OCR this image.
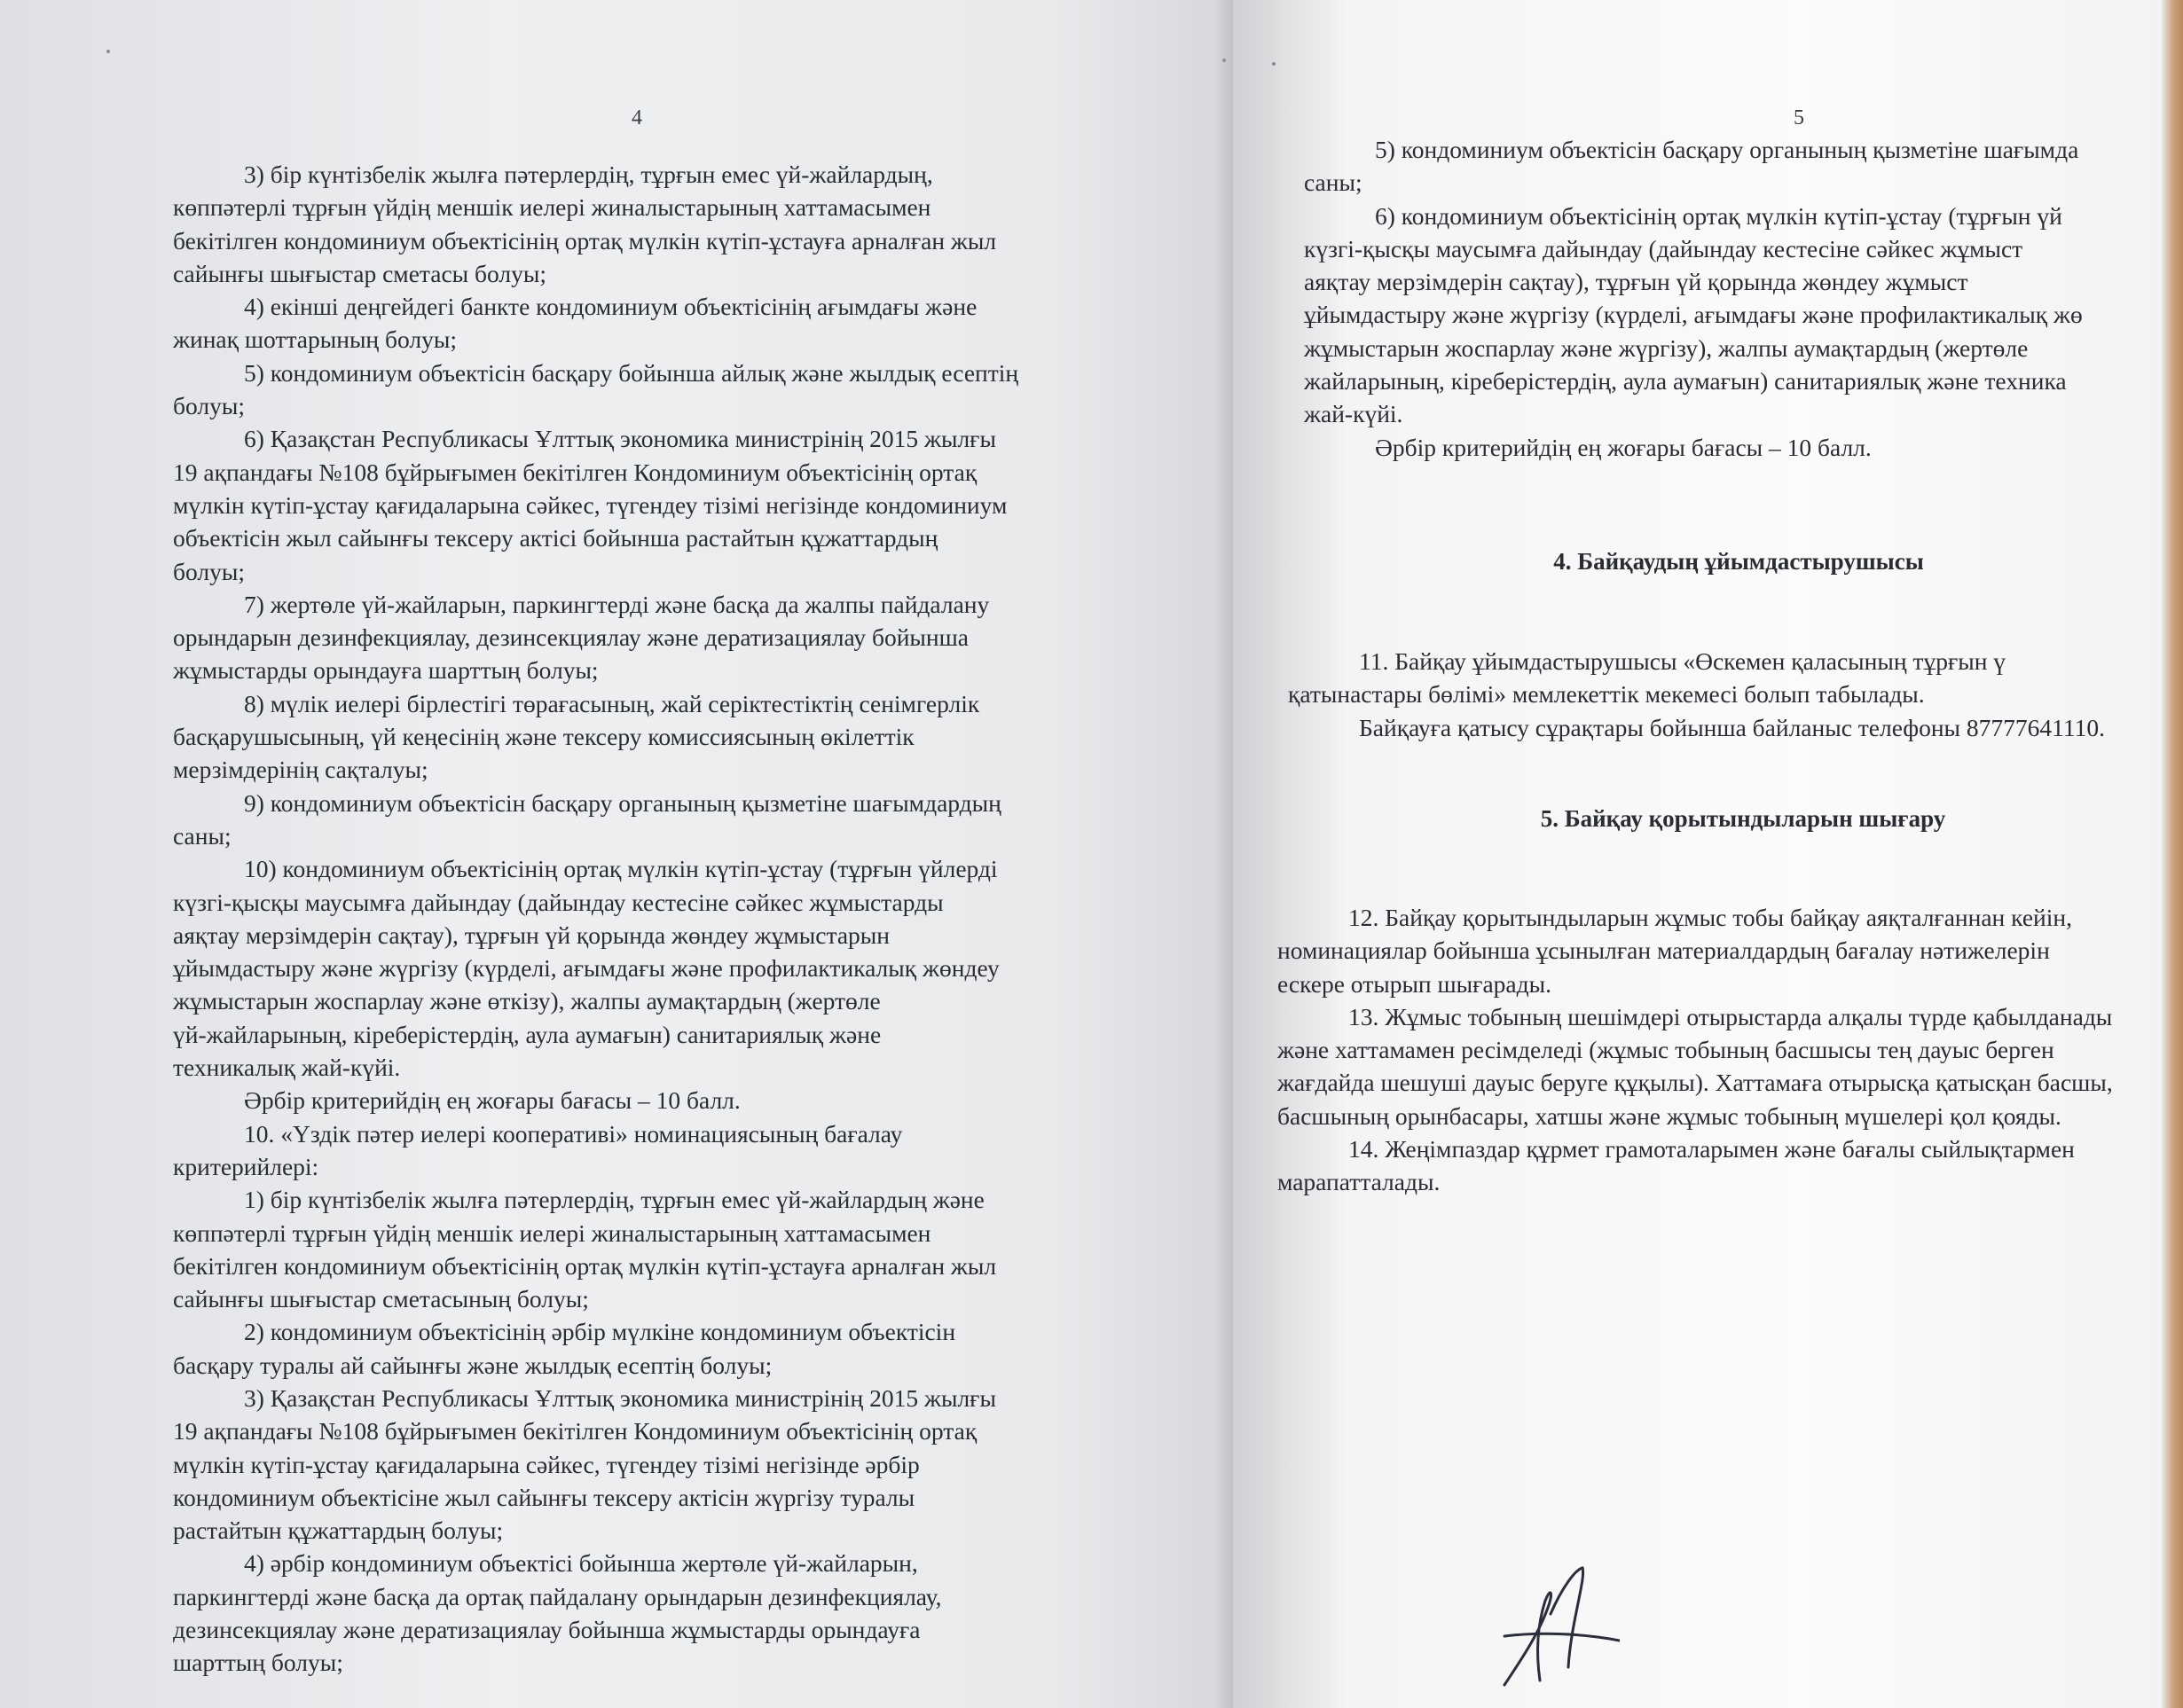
4

3) бір күнтізбелік жылға пәтерлердің, тұрғын емес үй-жайлардың,
көппәтерлі тұрғын үйдің меншік иелері жиналыстарының хаттамасымен
бекітілген кондоминиум объектісінің ортақ мүлкін күтіп-ұстауға арналған жыл
сайынғы шығыстар сметасы болуы;

4) екінші деңгейдегі банкте кондоминиум объектісінің ағымдағы және
жинақ шоттарының болуы;

5) кондоминиум объектісін басқару бойынша айлық және жылдық есептің
болуы;

6) Қазақстан Республикасы Ұлттық экономика министрінің 2015 жылғы
19 ақпандағы №108 бұйрығымен бекітілген Кондоминиум объектісінің ортақ
мүлкін күтіп-ұстау қағидаларына сәйкес, түгендеу тізімі негізінде кондоминиум
объектісін жыл сайынғы тексеру актісі бойынша растайтын құжаттардың
болуы;

7) жертөле үй-жайларын, паркингтерді және басқа да жалпы пайдалану
орындарын дезинфекциялау, дезинсекциялау және дератизациялау бойынша
жұмыстарды орындауға шарттың болуы;

8) мүлік иелері бірлестігі төрағасының, жай серіктестіктің сенімгерлік
басқарушысының, үй кеңесінің және тексеру комиссиясының өкілеттік
мерзімдерінің сақталуы;

9) кондоминиум объектісін басқару органының қызметіне шағымдардың
саны;

10) кондоминиум объектісінің ортақ мүлкін күтіп-ұстау (тұрғын үйлерді
күзгі-қысқы маусымға дайындау (дайындау кестесіне сәйкес жұмыстарды
аяқтау мерзімдерін сақтау), тұрғын үй қорында жөндеу жұмыстарын
ұйымдастыру және жүргізу (күрделі, ағымдағы және профилактикалық жөндеу
жұмыстарын жоспарлау және өткізу), жалпы аумақтардың (жертөле
үй-жайларының, кіреберістердің, аула аумағын) санитариялық және
техникалық жай-күйі.

Әрбір критерийдің ең жоғары бағасы – 10 балл.

10. «Үздік пәтер иелері кооперативі» номинациясының бағалау
критерийлері:

1) бір күнтізбелік жылға пәтерлердің, тұрғын емес үй-жайлардың және
көппәтерлі тұрғын үйдің меншік иелері жиналыстарының хаттамасымен
бекітілген кондоминиум объектісінің ортақ мүлкін күтіп-ұстауға арналған жыл
сайынғы шығыстар сметасының болуы;

2) кондоминиум объектісінің әрбір мүлкіне кондоминиум объектісін
басқару туралы ай сайынғы және жылдық есептің болуы;

3) Қазақстан Республикасы Ұлттық экономика министрінің 2015 жылғы
19 ақпандағы №108 бұйрығымен бекітілген Кондоминиум объектісінің ортақ
мүлкін күтіп-ұстау қағидаларына сәйкес, түгендеу тізімі негізінде әрбір
кондоминиум объектісіне жыл сайынғы тексеру актісін жүргізу туралы
растайтын құжаттардың болуы;

4) әрбір кондоминиум объектісі бойынша жертөле үй-жайларын,
паркингтерді және басқа да ортақ пайдалану орындарын дезинфекциялау,
дезинсекциялау және дератизациялау бойынша жұмыстарды орындауға
шарттың болуы;

5

5) кондоминиум объектісін басқару органының қызметіне шағымда
саны;

6) кондоминиум объектісінің ортақ мүлкін күтіп-ұстау (тұрғын үй
күзгі-қысқы маусымға дайындау (дайындау кестесіне сәйкес жұмыст
аяқтау мерзімдерін сақтау), тұрғын үй қорында жөндеу жұмыст
ұйымдастыру және жүргізу (күрделі, ағымдағы және профилактикалық жө
жұмыстарын жоспарлау және жүргізу), жалпы аумақтардың (жертөле
жайларының, кіреберістердің, аула аумағын) санитариялық және техника
жай-күйі.

Әрбір критерийдің ең жоғары бағасы – 10 балл.

4. Байқаудың ұйымдастырушысы

11. Байқау ұйымдастырушысы «Өскемен қаласының тұрғын ү
қатынастары бөлімі» мемлекеттік мекемесі болып табылады.

Байқауға қатысу сұрақтары бойынша байланыс телефоны 87777641110.

5. Байқау қорытындыларын шығару

12. Байқау қорытындыларын жұмыс тобы байқау аяқталғаннан кейін,
номинациялар бойынша ұсынылған материалдардың бағалау нәтижелерін
ескере отырып шығарады.

13. Жұмыс тобының шешімдері отырыстарда алқалы түрде қабылданады
және хаттамамен ресімделеді (жұмыс тобының басшысы тең дауыс берген
жағдайда шешуші дауыс беруге құқылы). Хаттамаға отырысқа қатысқан басшы,
басшының орынбасары, хатшы және жұмыс тобының мүшелері қол қояды.

14. Жеңімпаздар құрмет грамоталарымен және бағалы сыйлықтармен
марапатталады.
